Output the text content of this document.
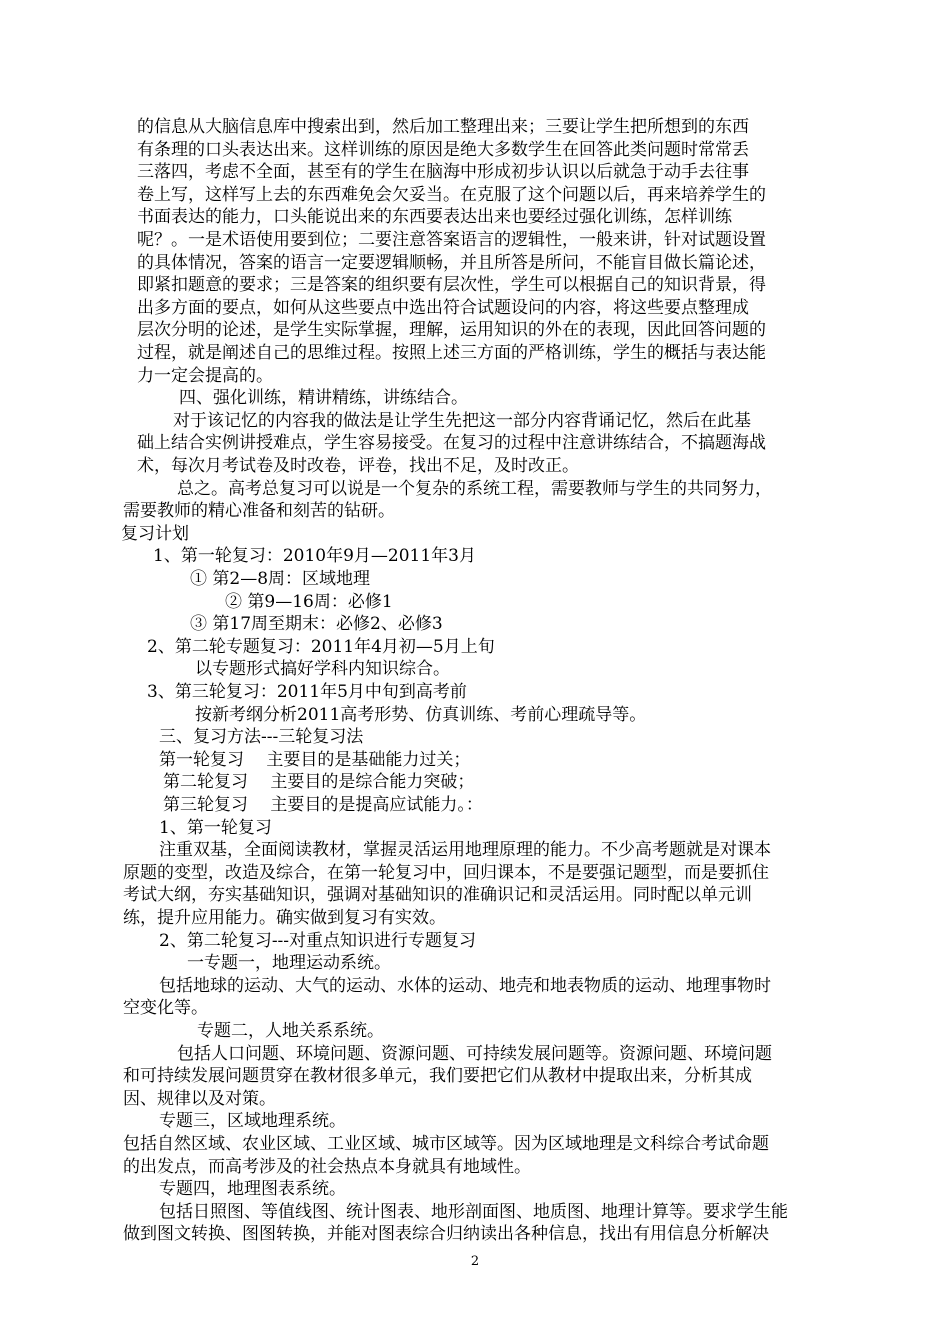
的信息从大脑信息库中搜索出到，然后加工整理出来；三要让学生把所想到的东西
有条理的口头表达出来。这样训练的原因是绝大多数学生在回答此类问题时常常丢
三落四，考虑不全面，甚至有的学生在脑海中形成初步认识以后就急于动手去往事
卷上写，这样写上去的东西难免会欠妥当。在克服了这个问题以后，再来培养学生的
书面表达的能力，口头能说出来的东西要表达出来也要经过强化训练，怎样训练
呢？。一是术语使用要到位；二要注意答案语言的逻辑性，一般来讲，针对试题设置
的具体情况，答案的语言一定要逻辑顺畅，并且所答是所问，不能盲目做长篇论述，
即紧扣题意的要求；三是答案的组织要有层次性，学生可以根据自己的知识背景，得
出多方面的要点，如何从这些要点中选出符合试题设问的内容，将这些要点整理成
层次分明的论述，是学生实际掌握，理解，运用知识的外在的表现，因此回答问题的
过程，就是阐述自己的思维过程。按照上述三方面的严格训练，学生的概括与表达能
力一定会提高的。
四、强化训练，精讲精练，讲练结合。
对于该记忆的内容我的做法是让学生先把这一部分内容背诵记忆，然后在此基
础上结合实例讲授难点，学生容易接受。在复习的过程中注意讲练结合，不搞题海战
术，每次月考试卷及时改卷，评卷，找出不足，及时改正。
总之。高考总复习可以说是一个复杂的系统工程，需要教师与学生的共同努力，
需要教师的精心准备和刻苦的钻研。
复习计划
1、第一轮复习：2010年9月—2011年3月
① 第2—8周：区域地理
② 第9—16周：必修1
③ 第17周至期末：必修2、必修3
2、第二轮专题复习：2011年4月初—5月上旬
以专题形式搞好学科内知识综合。
3、第三轮复习：2011年5月中旬到高考前
按新考纲分析2011高考形势、仿真训练、考前心理疏导等。
三、复习方法---三轮复习法
第一轮复习　 主要目的是基础能力过关；
第二轮复习　 主要目的是综合能力突破；
第三轮复习　 主要目的是提高应试能力。：
1、第一轮复习
注重双基，全面阅读教材，掌握灵活运用地理原理的能力。不少高考题就是对课本
原题的变型，改造及综合，在第一轮复习中，回归课本，不是要强记题型，而是要抓住
考试大纲，夯实基础知识，强调对基础知识的准确识记和灵活运用。同时配以单元训
练，提升应用能力。确实做到复习有实效。
2、第二轮复习---对重点知识进行专题复习
一专题一，地理运动系统。
包括地球的运动、大气的运动、水体的运动、地壳和地表物质的运动、地理事物时
空变化等。
专题二，人地关系系统。
包括人口问题、环境问题、资源问题、可持续发展问题等。资源问题、环境问题
和可持续发展问题贯穿在教材很多单元，我们要把它们从教材中提取出来，分析其成
因、规律以及对策。
专题三，区域地理系统。
包括自然区域、农业区域、工业区域、城市区域等。因为区域地理是文科综合考试命题
的出发点，而高考涉及的社会热点本身就具有地域性。
专题四，地理图表系统。
包括日照图、等值线图、统计图表、地形剖面图、地质图、地理计算等。要求学生能
做到图文转换、图图转换，并能对图表综合归纳读出各种信息，找出有用信息分析解决
2
